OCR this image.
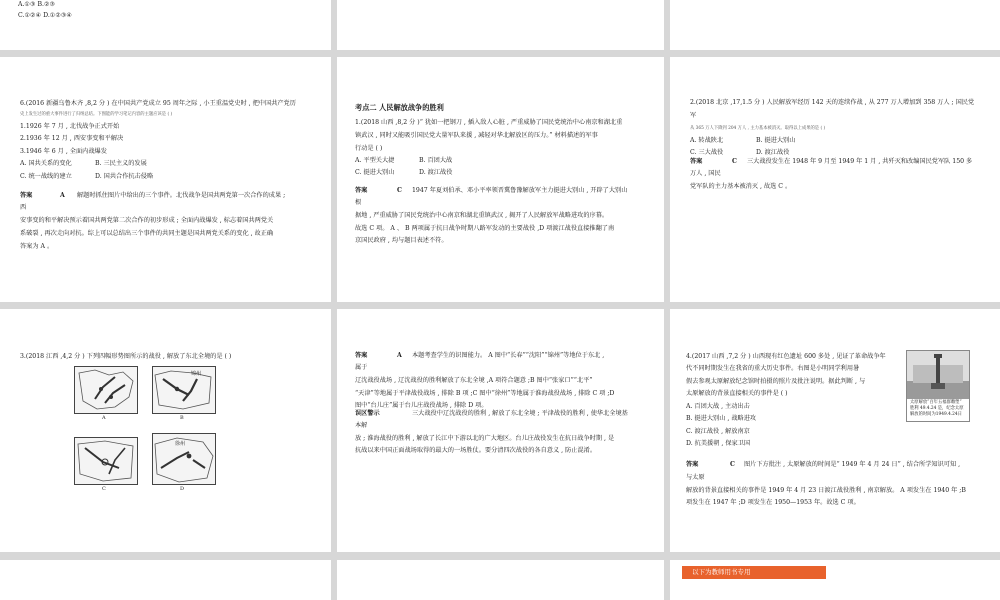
A.①③ B.②③
C.①②④ D.①②③④
6.(2016 新疆乌鲁木齐 ,8,2 分 ) 在中国共产党成立 95 周年之际 , 小王重温党史时 , 把中国共产党历
史上发生过的重大事件进行了归纳总结。下图能的学习笔记内容的主题应该是 ( )
1.1926 年 7 月 , 北伐战争正式开始
2.1936 年 12 月 , 西安事变和平解决
3.1946 年 6 月 , 全面内战爆发
A. 国共关系的变化	B. 三民主义的发展
C. 统一战线的建立	D. 国共合作抗击侵略
答案	A 解题时抓住图片中给出的三个事件。北伐战争是国共两党第一次合作的成果 ;
西
安事变的和平解决预示着国共两党第二次合作的初步形成 ; 全面内战爆发 , 标志着国共两党关
系破裂 , 再次走向对抗。综上可以总结出三个事件的共同主题是国共两党关系的变化 , 故正确
答案为 A 。
考点二 人民解放战争的胜利
1.(2018 山西 ,8,2 分 )“ 犹如一把钢刀 , 插入敌人心脏 , 严重威胁了国民党统治中心南京和湖北重
镇武汉 , 同时又能吸引国民党大量军队来援 , 减轻对华北解放区的压力。” 材料描述的军事
行动是 ( )
A. 平型关大捷	B. 百团大战
C. 挺进大别山	D. 渡江战役
答案	C 1947 年夏刘伯承、邓小平率领晋冀鲁豫解放军主力挺进大别山 , 开辟了大别山
根
据地 , 严重威胁了国民党统治中心南京和湖北重镇武汉 , 揭开了人民解放军战略进攻的序幕。
故选 C 项。 A 、 B 两项属于抗日战争时期八路军发动的主要战役 ,D 项渡江战役直接推翻了南
京国民政府 , 均与题目表述不符。
2.(2018 北京 ,17,1.5 分 ) 人民解放军经历 142 天的连续作战 , 从 277 万人增加到 358 万人 ; 国民党
军
从 365 万人下降到 204 万人 , 主力基本被消灭。取得以上成果的是 ( )
A. 转战陕北	B. 挺进大别山
C. 三大战役	D. 渡江战役
答案	C 三大战役发生在 1948 年 9 月至 1949 年 1 月 , 共歼灭和改编国民党军队 150 多
万人 , 国民
党军队的主力基本被消灭 , 故选 C 。
3.(2018 江西 ,4,2 分 ) 下列四幅形势图所示的战役 , 解放了东北全境的是 ( )
A
锦州
B
C
徐州
D
答案	A 本题考查学生的识图能力。 A 图中“长春”“沈阳”“锦州”等地位于东北 ,
属于
辽沈战役战场 , 辽沈战役的胜利解放了东北全境 ,A 项符合题意 ;B 图中“张家口”“北平”
“天津”等地属于平津战役战场 , 排除 B 项 ;C 图中“徐州”等地属于淮海战役战场 , 排除 C 项 ;D
图中“台儿庄”属于台儿庄战役战场 , 排除 D 项。
误区警示	三大战役中辽沈战役的胜利 , 解放了东北全境 ; 平津战役的胜利 , 使华北全境基
本解
放 ; 淮海战役的胜利 , 解放了长江中下游以北的广大地区。台儿庄战役发生在抗日战争时期 , 是
抗战以来中国正面战场取得的最大的一场胜仗。要分清四次战役的各自意义 , 防止混淆。
4.(2017 山西 ,7,2 分 ) 山西现有红色遗址 600 多处 , 见证了革命战争年
代不同时期发生在我省的重大历史事件。右图是小明同学利用暑
假去参观太原解放纪念馆时拍摄的照片及批注说明。据此判断 , 与
太原解放的背景直接相关的事件是 ( )
A. 百团大战 , 主动出击
B. 挺进大别山 , 战略进攻
C. 渡江战役 , 解放南京
D. 抗美援朝 , 保家卫国
太原解放“百年五福群雕塑”
胜利 49.4.24 是，纪念太原
解放的时间为1949.4.24日
答案	C 图片下方批注 , 太原解放的时间是“ 1949 年 4 月 24 日” , 结合所学知识可知 ,
与太原
解放的背景直接相关的事件是 1949 年 4 月 23 日渡江战役胜利 , 南京解放。 A 项发生在 1940 年 ;B
项发生在 1947 年 ;D 项发生在 1950—1953 年。故选 C 项。
以下为教师用书专用
